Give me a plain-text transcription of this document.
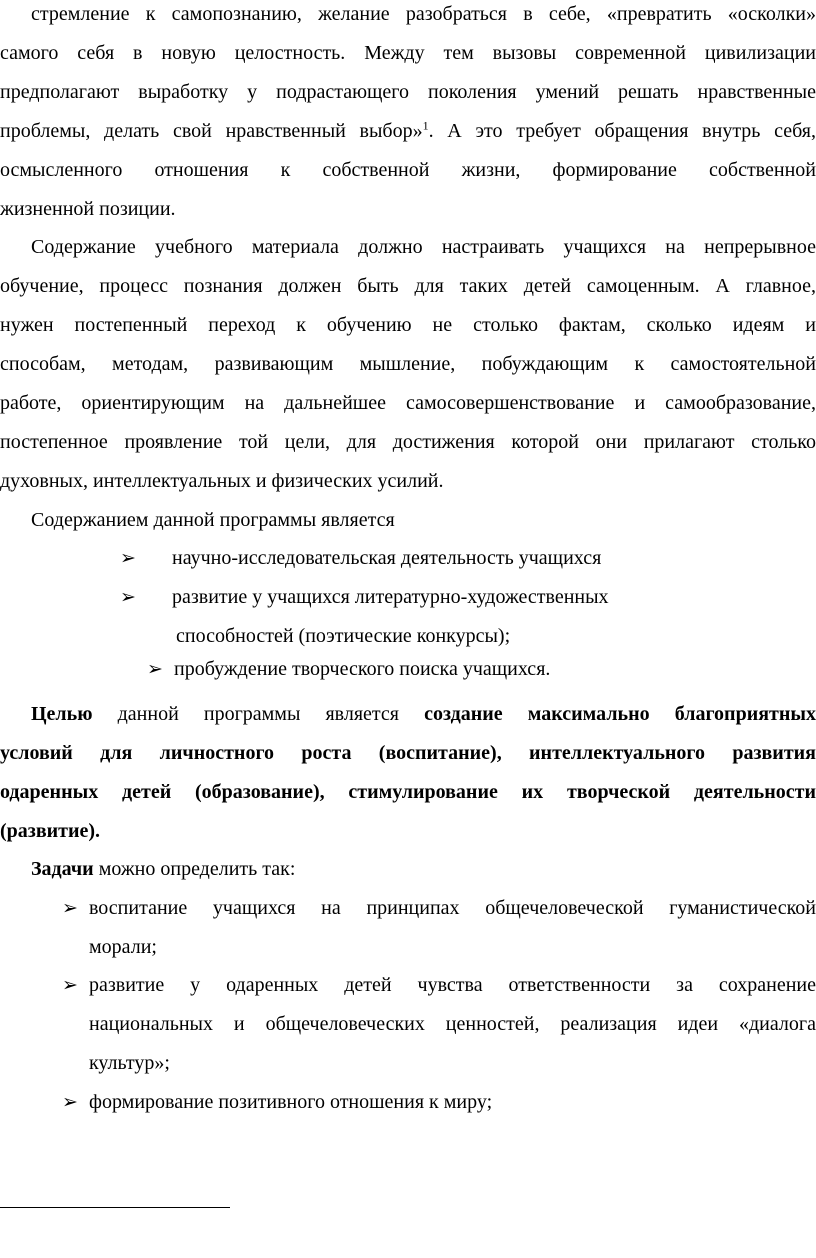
стремление к самопознанию, желание разобраться в себе, «превратить «осколки»
самого себя в новую целостность. Между тем вызовы современной цивилизации
предполагают выработку у подрастающего поколения умений решать нравственные
проблемы, делать свой нравственный выбор»$^1$. А это требует обращения внутрь себя,
осмысленного отношения к собственной жизни, формирование собственной
жизненной позиции.
Содержание учебного материала должно настраивать учащихся на непрерывное
обучение, процесс познания должен быть для таких детей самоценным. А главное,
нужен постепенный переход к обучению не столько фактам, сколько идеям и
способам, методам, развивающим мышление, побуждающим к самостоятельной
работе, ориентирующим на дальнейшее самосовершенствование и самообразование,
постепенное проявление той цели, для достижения которой они прилагают столько
духовных, интеллектуальных и физических усилий.
Содержанием данной программы является
➢ научно-исследовательская деятельность учащихся
➢ развитие у учащихся литературно-художественных
способностей (поэтические конкурсы);
➢ пробуждение творческого поиска учащихся.
Целью данной программы является создание максимально благоприятных
условий для личностного роста (воспитание), интеллектуального развития
одаренных детей (образование), стимулирование их творческой деятельности
(развитие).
Задачи можно определить так:
➢ воспитание учащихся на принципах общечеловеческой гуманистической
морали;
➢ развитие у одаренных детей чувства ответственности за сохранение
национальных и общечеловеческих ценностей, реализация идеи «диалога
культур»;
➢ формирование позитивного отношения к миру;
